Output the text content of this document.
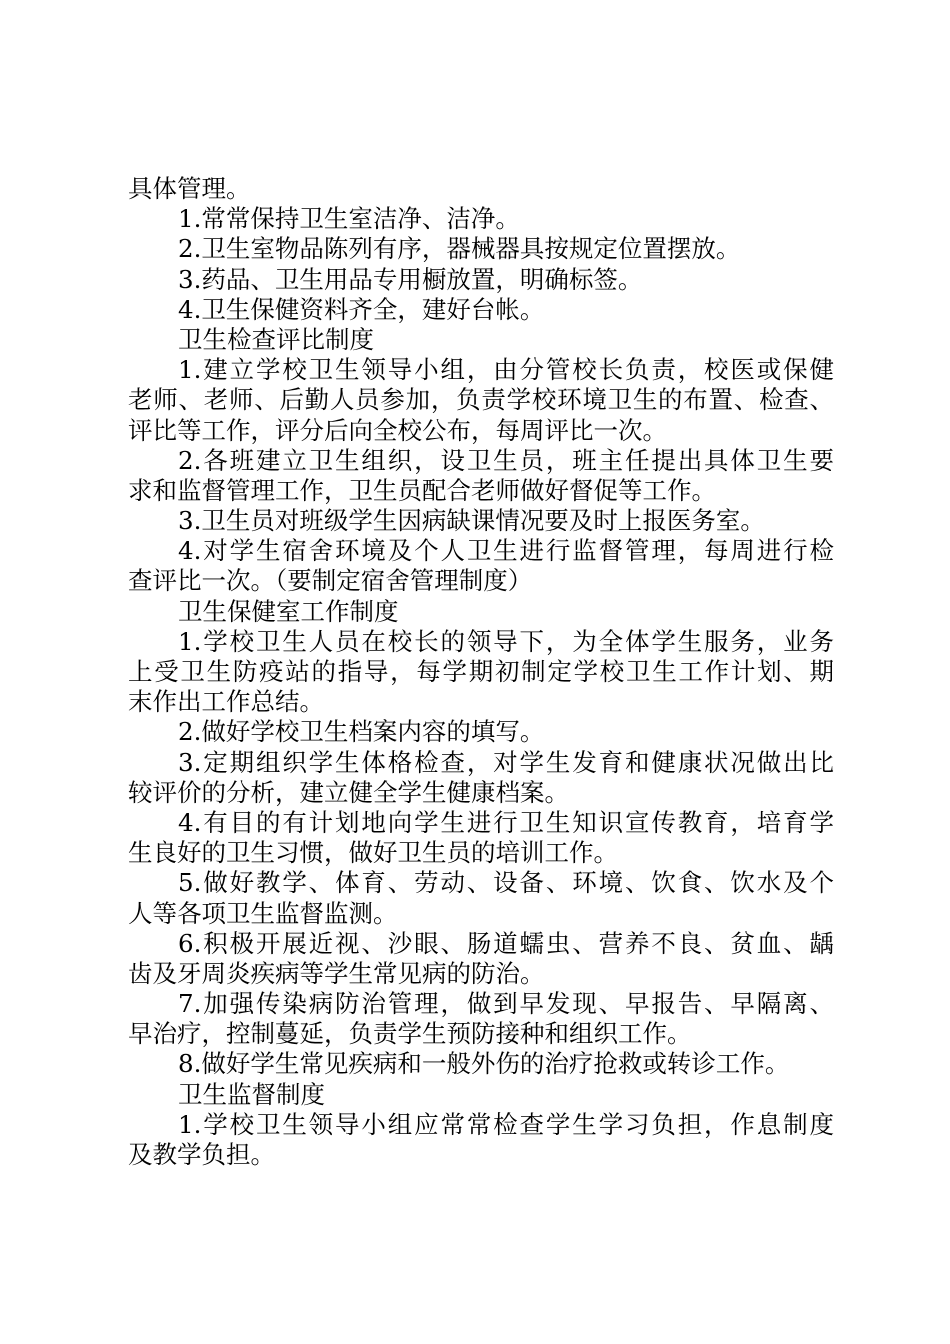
具体管理。
1.常常保持卫生室洁净、洁净。
2.卫生室物品陈列有序，器械器具按规定位置摆放。
3.药品、卫生用品专用橱放置，明确标签。
4.卫生保健资料齐全，建好台帐。
卫生检查评比制度
1.建立学校卫生领导小组，由分管校长负责，校医或保健
老师、老师、后勤人员参加，负责学校环境卫生的布置、检查、
评比等工作，评分后向全校公布，每周评比一次。
2.各班建立卫生组织，设卫生员，班主任提出具体卫生要
求和监督管理工作，卫生员配合老师做好督促等工作。
3.卫生员对班级学生因病缺课情况要及时上报医务室。
4.对学生宿舍环境及个人卫生进行监督管理，每周进行检
查评比一次。（要制定宿舍管理制度）
卫生保健室工作制度
1.学校卫生人员在校长的领导下，为全体学生服务，业务
上受卫生防疫站的指导，每学期初制定学校卫生工作计划、期
末作出工作总结。
2.做好学校卫生档案内容的填写。
3.定期组织学生体格检查，对学生发育和健康状况做出比
较评价的分析，建立健全学生健康档案。
4.有目的有计划地向学生进行卫生知识宣传教育，培育学
生良好的卫生习惯，做好卫生员的培训工作。
5.做好教学、体育、劳动、设备、环境、饮食、饮水及个
人等各项卫生监督监测。
6.积极开展近视、沙眼、肠道蠕虫、营养不良、贫血、龋
齿及牙周炎疾病等学生常见病的防治。
7.加强传染病防治管理，做到早发现、早报告、早隔离、
早治疗，控制蔓延，负责学生预防接种和组织工作。
8.做好学生常见疾病和一般外伤的治疗抢救或转诊工作。
卫生监督制度
1.学校卫生领导小组应常常检查学生学习负担，作息制度
及教学负担。
